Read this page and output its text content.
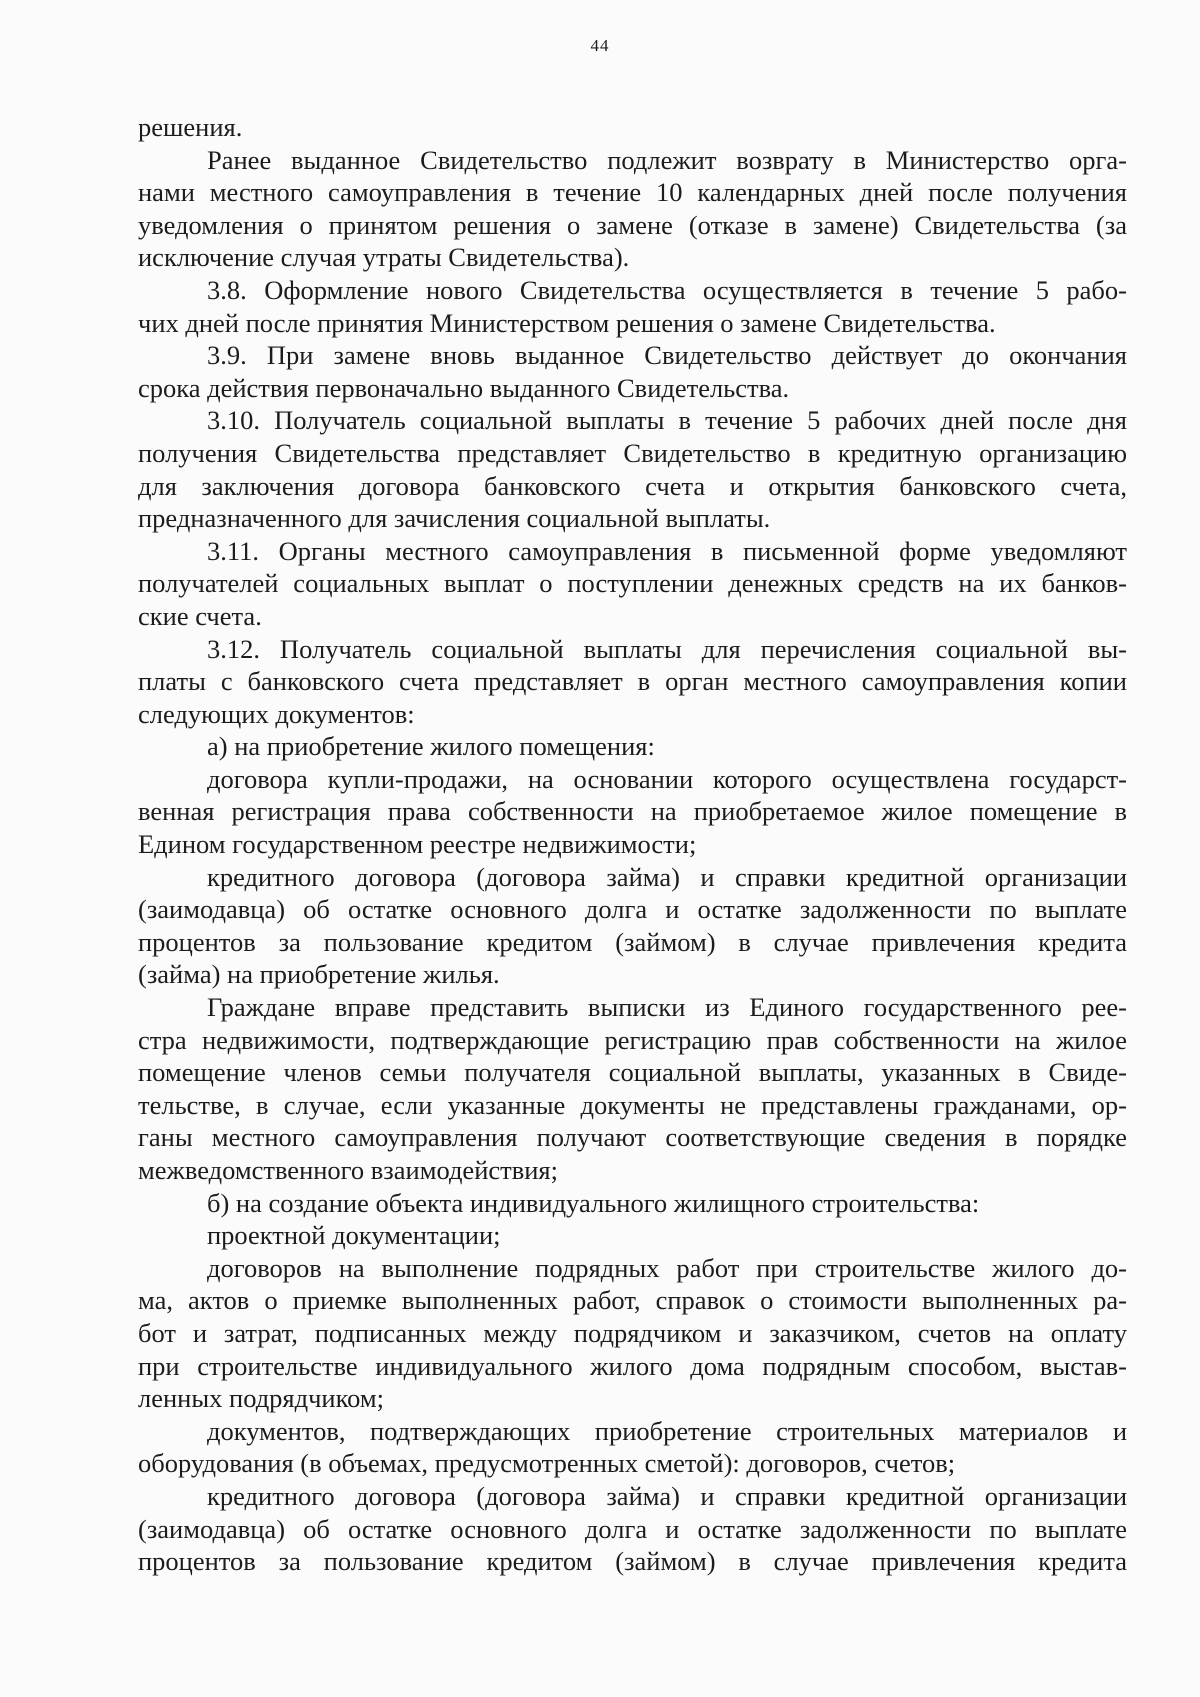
44
решения.
Ранее выданное Свидетельство подлежит возврату в Министерство орга-
нами местного самоуправления в течение 10 календарных дней после получения
уведомления о принятом решения о замене (отказе в замене) Свидетельства (за
исключение случая утраты Свидетельства).
3.8. Оформление нового Свидетельства осуществляется в течение 5 рабо-
чих дней после принятия Министерством решения о замене Свидетельства.
3.9. При замене вновь выданное Свидетельство действует до окончания
срока действия первоначально выданного Свидетельства.
3.10. Получатель социальной выплаты в течение 5 рабочих дней после дня
получения Свидетельства представляет Свидетельство в кредитную организацию
для заключения договора банковского счета и открытия банковского счета,
предназначенного для зачисления социальной выплаты.
3.11. Органы местного самоуправления в письменной форме уведомляют
получателей социальных выплат о поступлении денежных средств на их банков-
ские счета.
3.12. Получатель социальной выплаты для перечисления социальной вы-
платы с банковского счета представляет в орган местного самоуправления копии
следующих документов:
а) на приобретение жилого помещения:
договора купли-продажи, на основании которого осуществлена государст-
венная регистрация права собственности на приобретаемое жилое помещение в
Едином государственном реестре недвижимости;
кредитного договора (договора займа) и справки кредитной организации
(заимодавца) об остатке основного долга и остатке задолженности по выплате
процентов за пользование кредитом (займом) в случае привлечения кредита
(займа) на приобретение жилья.
Граждане вправе представить выписки из Единого государственного рее-
стра недвижимости, подтверждающие регистрацию прав собственности на жилое
помещение членов семьи получателя социальной выплаты, указанных в Свиде-
тельстве, в случае, если указанные документы не представлены гражданами, ор-
ганы местного самоуправления получают соответствующие сведения в порядке
межведомственного взаимодействия;
б) на создание объекта индивидуального жилищного строительства:
проектной документации;
договоров на выполнение подрядных работ при строительстве жилого до-
ма, актов о приемке выполненных работ, справок о стоимости выполненных ра-
бот и затрат, подписанных между подрядчиком и заказчиком, счетов на оплату
при строительстве индивидуального жилого дома подрядным способом, выстав-
ленных подрядчиком;
документов, подтверждающих приобретение строительных материалов и
оборудования (в объемах, предусмотренных сметой): договоров, счетов;
кредитного договора (договора займа) и справки кредитной организации
(заимодавца) об остатке основного долга и остатке задолженности по выплате
процентов за пользование кредитом (займом) в случае привлечения кредита
